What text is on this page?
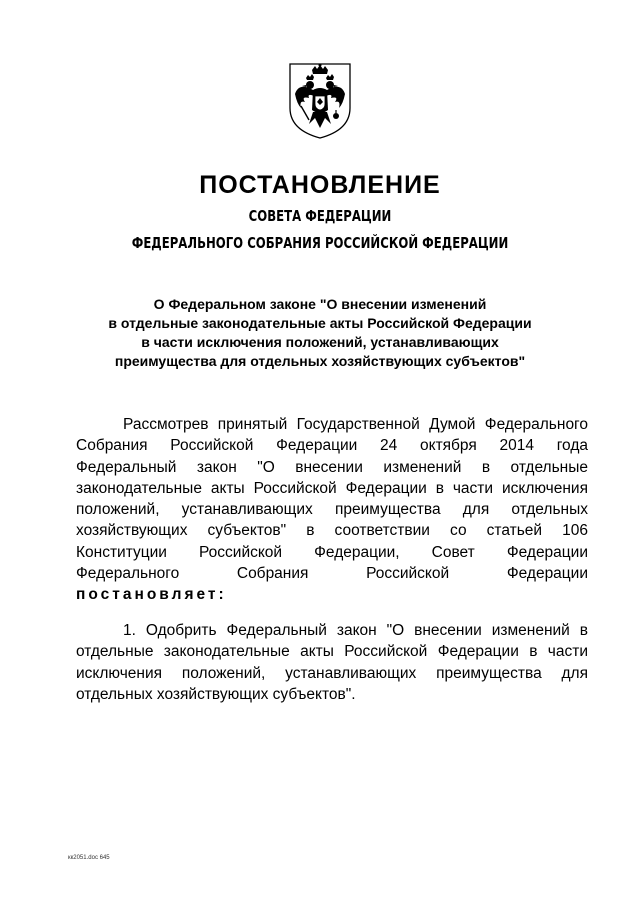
ПОСТАНОВЛЕНИЕ
СОВЕТА ФЕДЕРАЦИИ
ФЕДЕРАЛЬНОГО СОБРАНИЯ РОССИЙСКОЙ ФЕДЕРАЦИИ
О Федеральном законе "О внесении изменений
в отдельные законодательные акты Российской Федерации
в части исключения положений, устанавливающих
преимущества для отдельных хозяйствующих субъектов"
Рассмотрев принятый Государственной Думой Федерального
Собрания Российской Федерации 24 октября 2014 года
Федеральный закон "О внесении изменений в отдельные
законодательные акты Российской Федерации в части исключения
положений, устанавливающих преимущества для отдельных
хозяйствующих субъектов" в соответствии со статьей 106
Конституции Российской Федерации, Совет Федерации
Федерального Собрания Российской Федерации
постановляет:
1. Одобрить Федеральный закон "О внесении изменений в
отдельные законодательные акты Российской Федерации в части
исключения положений, устанавливающих преимущества для
отдельных хозяйствующих субъектов".
кк2051.doc 645
